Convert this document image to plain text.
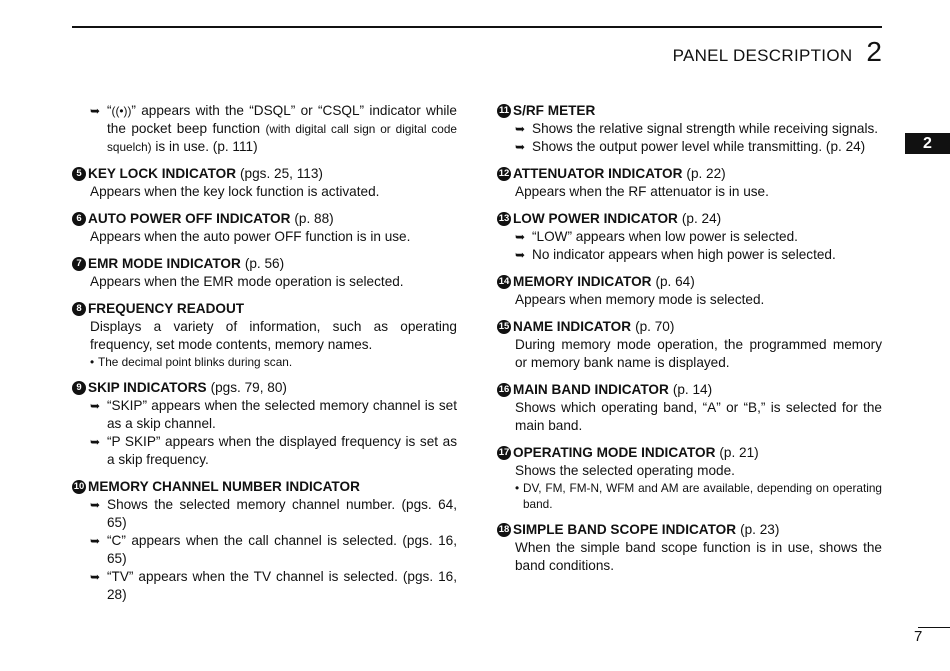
PANEL DESCRIPTION 2
2
➥ “((•))” appears with the “DSQL” or “CSQL” indicator while the pocket beep function (with digital call sign or digital code squelch) is in use. (p. 111)
5 KEY LOCK INDICATOR (pgs. 25, 113)
Appears when the key lock function is activated.
6 AUTO POWER OFF INDICATOR (p. 88)
Appears when the auto power OFF function is in use.
7 EMR MODE INDICATOR (p. 56)
Appears when the EMR mode operation is selected.
8 FREQUENCY READOUT
Displays a variety of information, such as operating frequency, set mode contents, memory names.
• The decimal point blinks during scan.
9 SKIP INDICATORS (pgs. 79, 80)
➥ “SKIP” appears when the selected memory channel is set as a skip channel.
➥ “P SKIP” appears when the displayed frequency is set as a skip frequency.
10 MEMORY CHANNEL NUMBER INDICATOR
➥ Shows the selected memory channel number. (pgs. 64, 65)
➥ “C” appears when the call channel is selected. (pgs. 16, 65)
➥ “TV” appears when the TV channel is selected. (pgs. 16, 28)
11 S/RF METER
➥ Shows the relative signal strength while receiving signals.
➥ Shows the output power level while transmitting. (p. 24)
12 ATTENUATOR INDICATOR (p. 22)
Appears when the RF attenuator is in use.
13 LOW POWER INDICATOR (p. 24)
➥ “LOW” appears when low power is selected.
➥ No indicator appears when high power is selected.
14 MEMORY INDICATOR (p. 64)
Appears when memory mode is selected.
15 NAME INDICATOR (p. 70)
During memory mode operation, the programmed memory or memory bank name is displayed.
16 MAIN BAND INDICATOR (p. 14)
Shows which operating band, “A” or “B,” is selected for the main band.
17 OPERATING MODE INDICATOR (p. 21)
Shows the selected operating mode.
• DV, FM, FM-N, WFM and AM are available, depending on operating band.
18 SIMPLE BAND SCOPE INDICATOR (p. 23)
When the simple band scope function is in use, shows the band conditions.
7
